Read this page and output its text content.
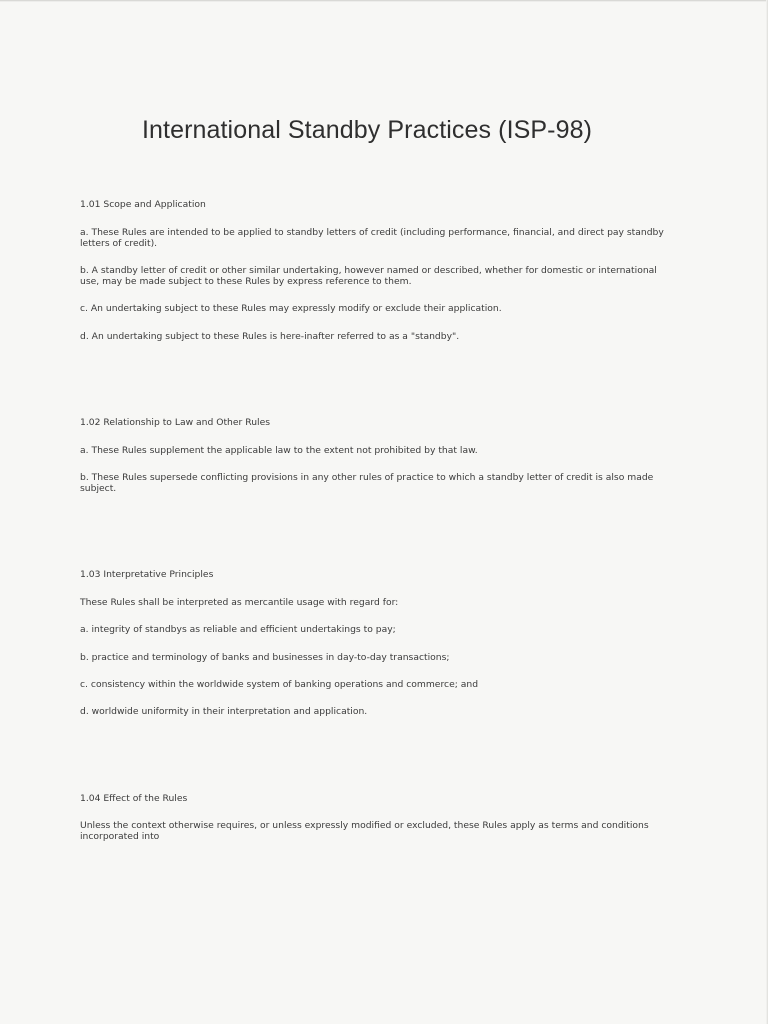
International Standby Practices (ISP-98)

1.01 Scope and Application

a. These Rules are intended to be applied to standby letters of credit (including performance, financial, and direct pay standby letters of credit).

b. A standby letter of credit or other similar undertaking, however named or described, whether for domestic or international use, may be made subject to these Rules by express reference to them.

c. An undertaking subject to these Rules may expressly modify or exclude their application.

d. An undertaking subject to these Rules is here-inafter referred to as a "standby".

1.02 Relationship to Law and Other Rules

a. These Rules supplement the applicable law to the extent not prohibited by that law.

b. These Rules supersede conflicting provisions in any other rules of practice to which a standby letter of credit is also made subject.

1.03 Interpretative Principles

These Rules shall be interpreted as mercantile usage with regard for:

a. integrity of standbys as reliable and efficient undertakings to pay;

b. practice and terminology of banks and businesses in day-to-day transactions;

c. consistency within the worldwide system of banking operations and commerce; and

d. worldwide uniformity in their interpretation and application.

1.04 Effect of the Rules

Unless the context otherwise requires, or unless expressly modified or excluded, these Rules apply as terms and conditions incorporated into
